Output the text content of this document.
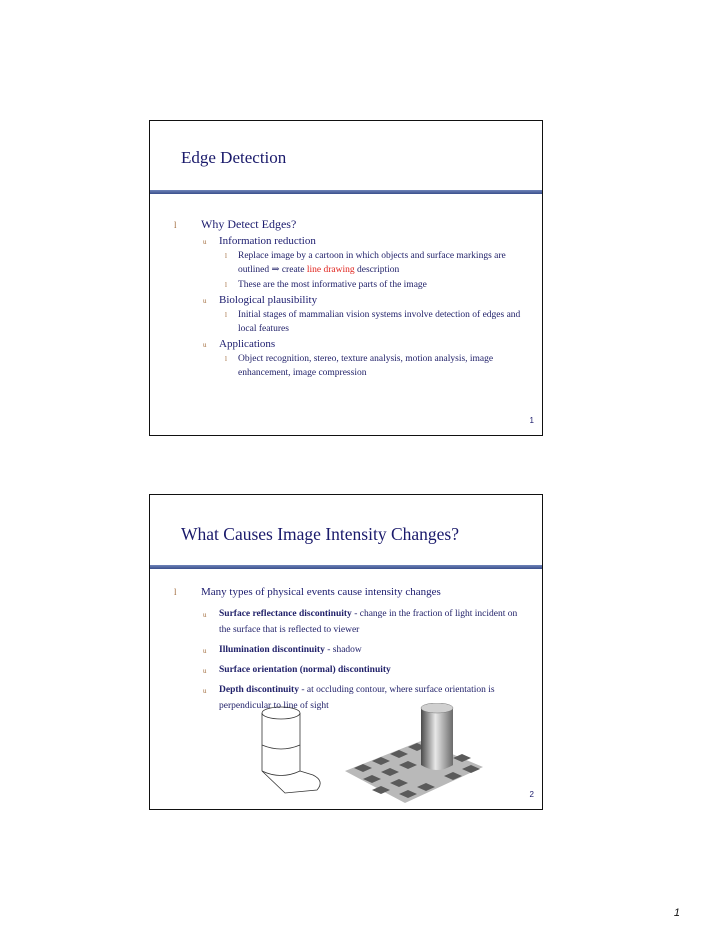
Edge Detection
l Why Detect Edges?
u Information reduction
l Replace image by a cartoon in which objects and surface markings are outlined ⇒ create line drawing description
l These are the most informative parts of the image
u Biological plausibility
l Initial stages of mammalian vision systems involve detection of edges and local features
u Applications
l Object recognition, stereo, texture analysis, motion analysis, image enhancement, image compression
1
What Causes Image Intensity Changes?
l Many types of physical events cause intensity changes
u Surface reflectance discontinuity - change in the fraction of light incident on the surface that is reflected to viewer
u Illumination discontinuity - shadow
u Surface orientation (normal) discontinuity
u Depth discontinuity - at occluding contour, where surface orientation is perpendicular to line of sight
2
1
